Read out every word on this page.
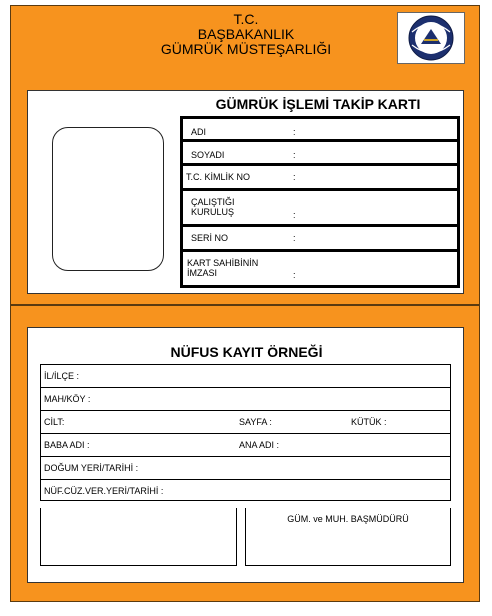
T.C.
BAŞBAKANLIK
GÜMRÜK MÜSTEŞARLIĞI
GÜMRÜK İŞLEMİ TAKİP KARTI
ADI	:
SOYADI	:
T.C. KİMLİK NO	:
ÇALIŞTIĞI KURULUŞ	:
SERİ NO	:
KART SAHİBİNİN İMZASI	:
NÜFUS KAYIT ÖRNEĞİ
İL/İLÇE :
MAH/KÖY :
CİLT:	SAYFA :	KÜTÜK :
BABA ADI :	ANA ADI :
DOĞUM YERİ/TARİHİ :
NÜF.CÜZ.VER.YERİ/TARİHİ :
GÜM. ve MUH. BAŞMÜDÜRÜ
